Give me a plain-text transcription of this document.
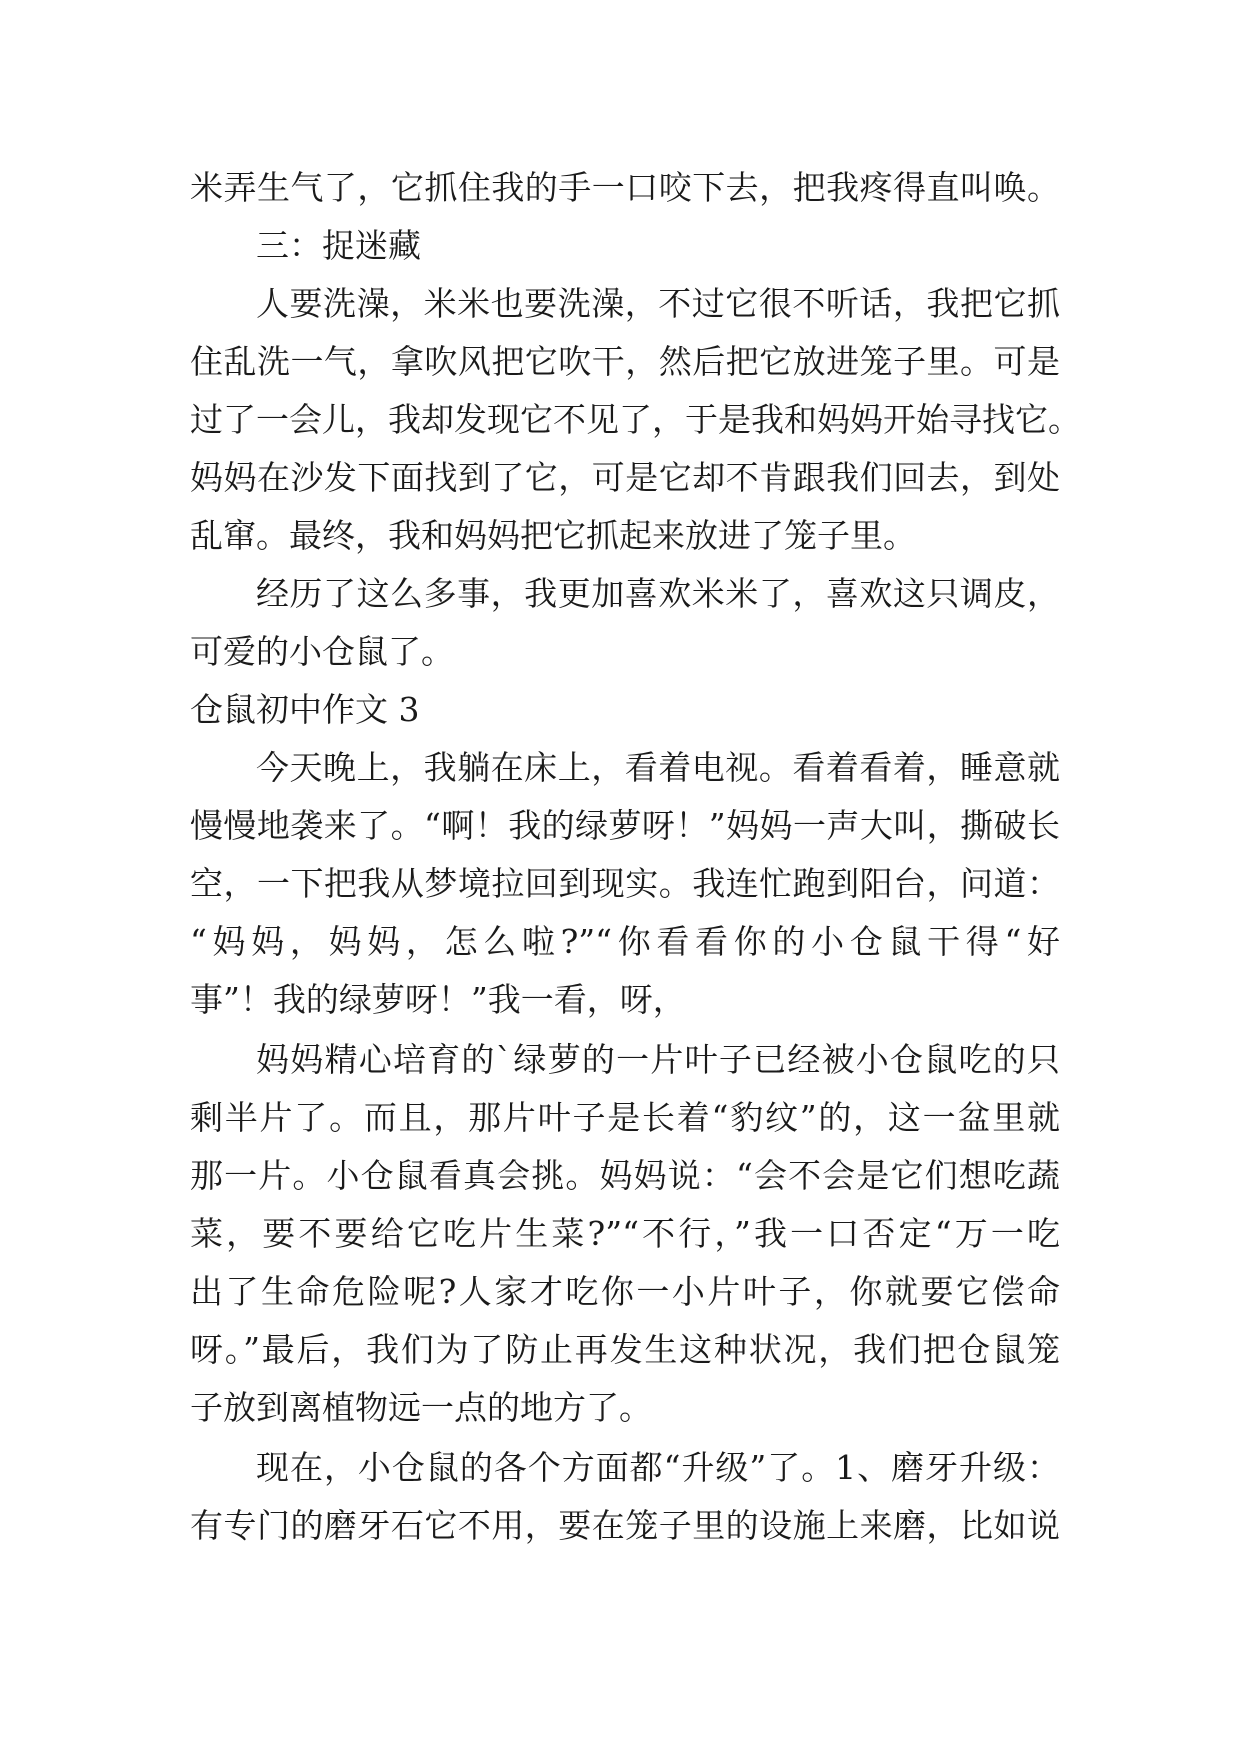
米弄生气了，它抓住我的手一口咬下去，把我疼得直叫唤。
三：捉迷藏
人要洗澡，米米也要洗澡，不过它很不听话，我把它抓
住乱洗一气，拿吹风把它吹干，然后把它放进笼子里。可是
过了一会儿，我却发现它不见了，于是我和妈妈开始寻找它。
妈妈在沙发下面找到了它，可是它却不肯跟我们回去，到处
乱窜。最终，我和妈妈把它抓起来放进了笼子里。
经历了这么多事，我更加喜欢米米了，喜欢这只调皮，
可爱的小仓鼠了。
仓鼠初中作文 3
今天晚上，我躺在床上，看着电视。看着看着，睡意就
慢慢地袭来了。“啊！我的绿萝呀！”妈妈一声大叫，撕破长
空，一下把我从梦境拉回到现实。我连忙跑到阳台，问道：
“妈妈，妈妈，怎么啦?”“你看看你的小仓鼠干得“好
事”！我的绿萝呀！”我一看，呀，
妈妈精心培育的`绿萝的一片叶子已经被小仓鼠吃的只
剩半片了。而且，那片叶子是长着“豹纹”的，这一盆里就
那一片。小仓鼠看真会挑。妈妈说：“会不会是它们想吃蔬
菜，要不要给它吃片生菜?”“不行，”我一口否定“万一吃
出了生命危险呢?人家才吃你一小片叶子，你就要它偿命
呀。”最后，我们为了防止再发生这种状况，我们把仓鼠笼
子放到离植物远一点的地方了。
现在，小仓鼠的各个方面都“升级”了。1、磨牙升级：
有专门的磨牙石它不用，要在笼子里的设施上来磨，比如说
